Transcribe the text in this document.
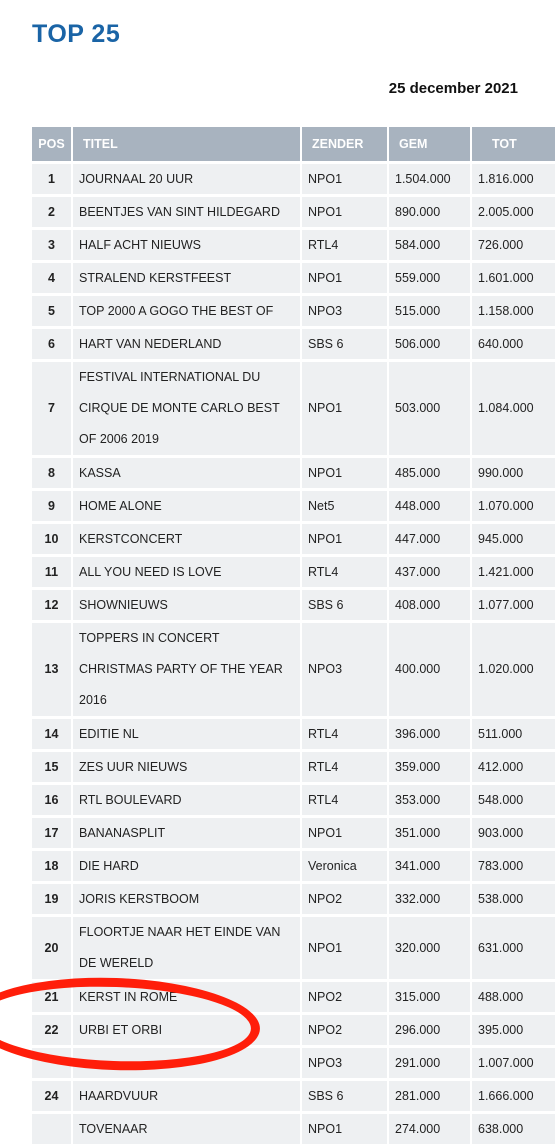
TOP 25
25 december 2021
POS	TITEL	ZENDER	GEM	TOT
1	JOURNAAL 20 UUR	NPO1	1.504.000	1.816.000
2	BEENTJES VAN SINT HILDEGARD	NPO1	890.000	2.005.000
3	HALF ACHT NIEUWS	RTL4	584.000	726.000
4	STRALEND KERSTFEEST	NPO1	559.000	1.601.000
5	TOP 2000 A GOGO THE BEST OF	NPO3	515.000	1.158.000
6	HART VAN NEDERLAND	SBS 6	506.000	640.000
7	FESTIVAL INTERNATIONAL DU CIRQUE DE MONTE CARLO BEST OF 2006 2019	NPO1	503.000	1.084.000
8	KASSA	NPO1	485.000	990.000
9	HOME ALONE	Net5	448.000	1.070.000
10	KERSTCONCERT	NPO1	447.000	945.000
11	ALL YOU NEED IS LOVE	RTL4	437.000	1.421.000
12	SHOWNIEUWS	SBS 6	408.000	1.077.000
13	TOPPERS IN CONCERT CHRISTMAS PARTY OF THE YEAR 2016	NPO3	400.000	1.020.000
14	EDITIE NL	RTL4	396.000	511.000
15	ZES UUR NIEUWS	RTL4	359.000	412.000
16	RTL BOULEVARD	RTL4	353.000	548.000
17	BANANASPLIT	NPO1	351.000	903.000
18	DIE HARD	Veronica	341.000	783.000
19	JORIS KERSTBOOM	NPO2	332.000	538.000
20	FLOORTJE NAAR HET EINDE VAN DE WERELD	NPO1	320.000	631.000
21	KERST IN ROME	NPO2	315.000	488.000
22	URBI ET ORBI	NPO2	296.000	395.000
		NPO3	291.000	1.007.000
24	HAARDVUUR	SBS 6	281.000	1.666.000
	TOVENAAR	NPO1	274.000	638.000
